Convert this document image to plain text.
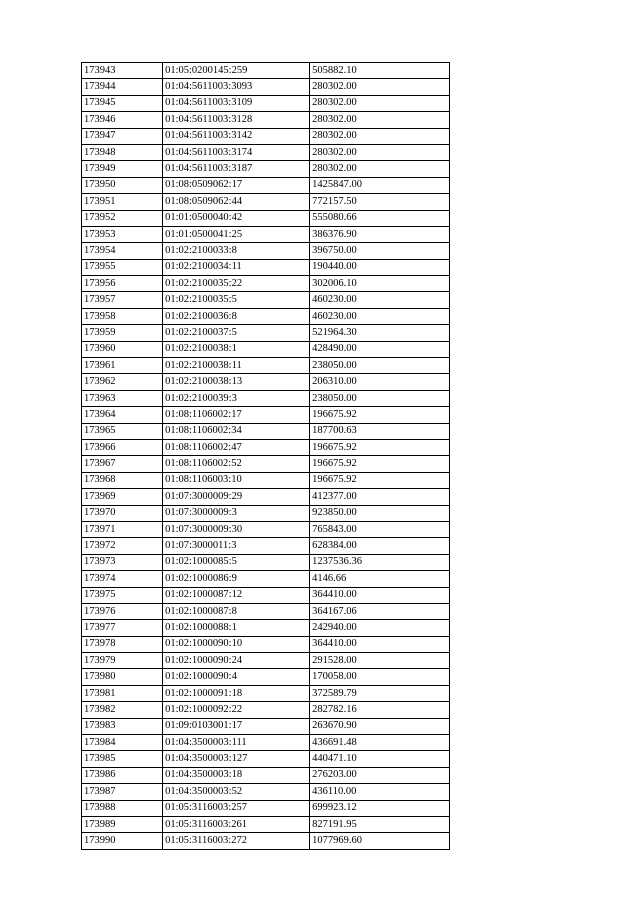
173943	01:05:0200145:259	505882.10
173944	01:04:5611003:3093	280302.00
173945	01:04:5611003:3109	280302.00
173946	01:04:5611003:3128	280302.00
173947	01:04:5611003:3142	280302.00
173948	01:04:5611003:3174	280302.00
173949	01:04:5611003:3187	280302.00
173950	01:08:0509062:17	1425847.00
173951	01:08:0509062:44	772157.50
173952	01:01:0500040:42	555080.66
173953	01:01:0500041:25	386376.90
173954	01:02:2100033:8	396750.00
173955	01:02:2100034:11	190440.00
173956	01:02:2100035:22	302006.10
173957	01:02:2100035:5	460230.00
173958	01:02:2100036:8	460230.00
173959	01:02:2100037:5	521964.30
173960	01:02:2100038:1	428490.00
173961	01:02:2100038:11	238050.00
173962	01:02:2100038:13	206310.00
173963	01:02:2100039:3	238050.00
173964	01:08:1106002:17	196675.92
173965	01:08:1106002:34	187700.63
173966	01:08:1106002:47	196675.92
173967	01:08:1106002:52	196675.92
173968	01:08:1106003:10	196675.92
173969	01:07:3000009:29	412377.00
173970	01:07:3000009:3	923850.00
173971	01:07:3000009:30	765843.00
173972	01:07:3000011:3	628384.00
173973	01:02:1000085:5	1237536.36
173974	01:02:1000086:9	4146.66
173975	01:02:1000087:12	364410.00
173976	01:02:1000087:8	364167.06
173977	01:02:1000088:1	242940.00
173978	01:02:1000090:10	364410.00
173979	01:02:1000090:24	291528.00
173980	01:02:1000090:4	170058.00
173981	01:02:1000091:18	372589.79
173982	01:02:1000092:22	282782.16
173983	01:09:0103001:17	263670.90
173984	01:04:3500003:111	436691.48
173985	01:04:3500003:127	440471.10
173986	01:04:3500003:18	276203.00
173987	01:04:3500003:52	436110.00
173988	01:05:3116003:257	699923.12
173989	01:05:3116003:261	827191.95
173990	01:05:3116003:272	1077969.60
